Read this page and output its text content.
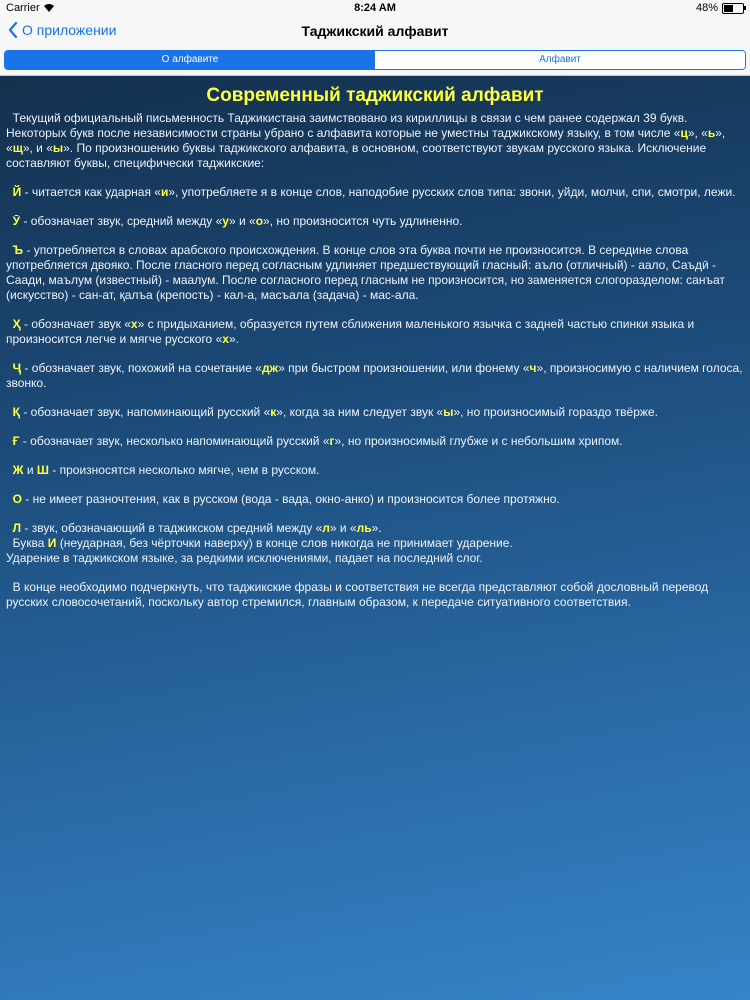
Carrier	8:24 AM	48%
О приложении	Таджикский алфавит
О алфавите	Алфавит
Современный таджикский алфавит

Текущий официальный письменность Таджикистана заимствовано из кириллицы в связи с чем ранее содержал 39 букв. Некоторых букв после независимости страны убрано с алфавита которые не уместны таджикскому языку, в том числе «ц», «ь», «щ», и «ы». По произношению буквы таджикского алфавита, в основном, соответствуют звукам русского языка. Исключение составляют буквы, специфически таджикские:

Й - читается как ударная «и», употребляете я в конце слов, наподобие русских слов типа: звони, уйди, молчи, спи, смотри, лежи.

Ӯ - обозначает звук, средний между «у» и «о», но произносится чуть удлиненно.

Ъ - употребляется в словах арабского происхождения. В конце слов эта буква почти не произносится. В середине слова употребляется двояко. После гласного перед согласным удлиняет предшествующий гласный: аъло (отличный) - аало, Саъдӣ - Саади, маълум (известный) - маалум. После согласного перед гласным не произносится, но заменяется слогоразделом: санъат (искусство) - сан-ат, қалъа (крепость) - кал-а, масъала (задача) - мас-ала.

Ҳ - обозначает звук «х» с придыханием, образуется путем сближения маленького язычка с задней частью спинки языка и произносится легче и мягче русского «х».

Ҷ - обозначает звук, похожий на сочетание «дж» при быстром произношении, или фонему «ч», произносимую с наличием голоса, звонко.

Қ - обозначает звук, напоминающий русский «к», когда за ним следует звук «ы», но произносимый гораздо твёрже.

Ғ - обозначает звук, несколько напоминающий русский «г», но произносимый глубже и с небольшим хрипом.

Ж и Ш - произносятся несколько мягче, чем в русском.

О - не имеет разночтения, как в русском (вода - вада, окно-анко) и произносится более протяжно.

Л - звук, обозначающий в таджикском средний между «л» и «ль».
Буква И (неударная, без чёрточки наверху) в конце слов никогда не принимает ударение.
Ударение в таджикском языке, за редкими исключениями, падает на последний слог.

В конце необходимо подчеркнуть, что таджикские фразы и соответствия не всегда представляют собой дословный перевод русских словосочетаний, поскольку автор стремился, главным образом, к передаче ситуативного соответствия.
